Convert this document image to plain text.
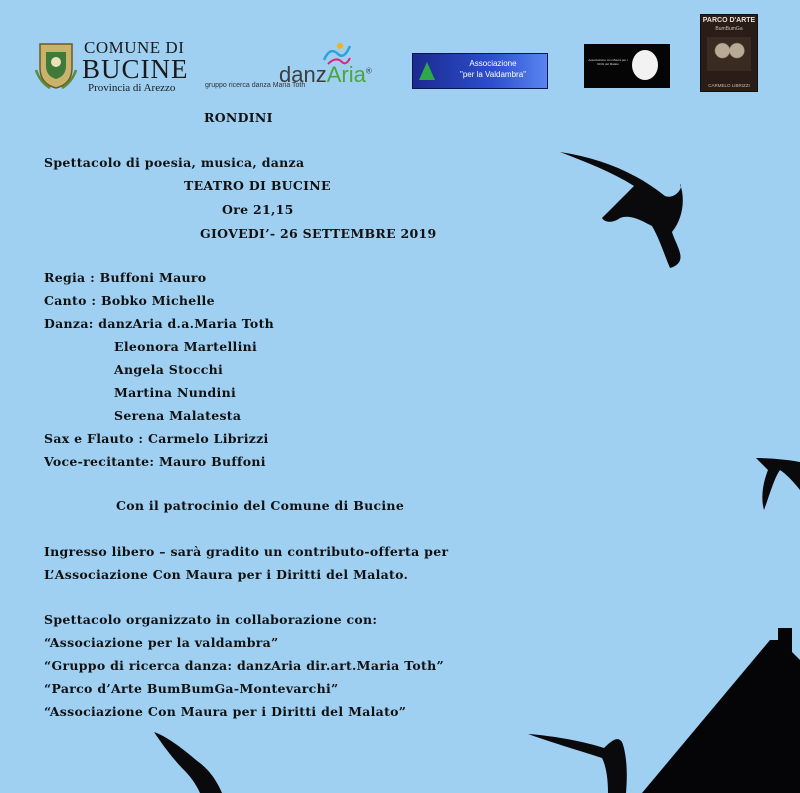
COMUNE DI
BUCINE
Provincia di Arezzo
danzAria®
gruppo ricerca danza Maria Toth
Associazione
"per la Valdambra"
Associazione con Maura per i Diritti del Malato
PARCO D'ARTE
BumBumGa
CARMELO LIBRIZZI
RONDINI
Spettacolo di poesia, musica, danza
TEATRO DI BUCINE
Ore 21,15
GIOVEDI’- 26 SETTEMBRE 2019
Regia : Buffoni Mauro
Canto : Bobko Michelle
Danza: danzAria d.a.Maria Toth
Eleonora Martellini
Angela Stocchi
Martina Nundini
Serena Malatesta
Sax e Flauto : Carmelo Librizzi
Voce-recitante: Mauro Buffoni
Con il patrocinio del Comune di Bucine
Ingresso libero – sarà gradito un contributo-offerta per
L’Associazione Con Maura per i Diritti del Malato.
Spettacolo organizzato in collaborazione con:
“Associazione per la valdambra”
“Gruppo di ricerca danza: danzAria dir.art.Maria Toth”
“Parco d’Arte BumBumGa-Montevarchi”
“Associazione Con Maura per i Diritti del Malato”
